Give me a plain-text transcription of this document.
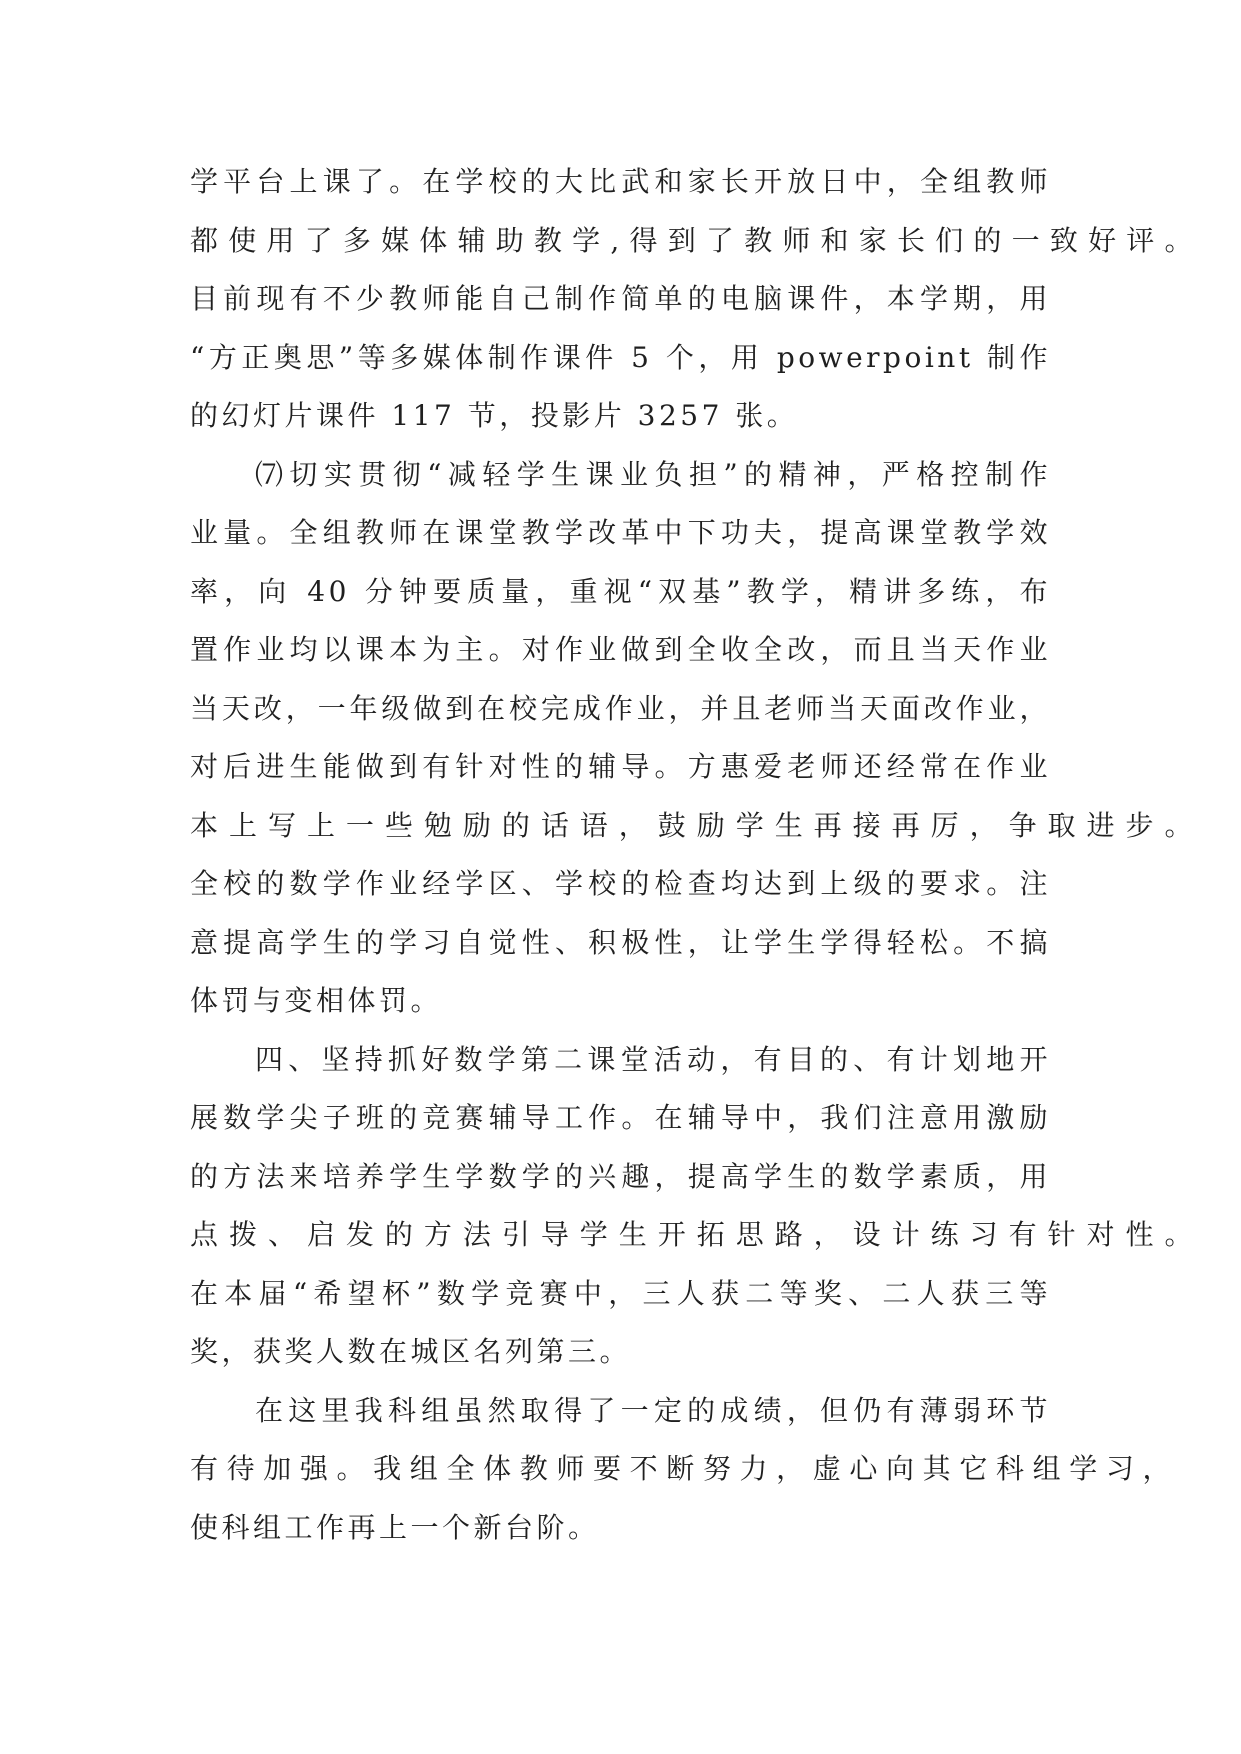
学平台上课了。在学校的大比武和家长开放日中，全组教师
都使用了多媒体辅助教学,得到了教师和家长们的一致好评。
目前现有不少教师能自己制作简单的电脑课件，本学期，用
“方正奥思”等多媒体制作课件 5 个，用 powerpoint 制作
的幻灯片课件 117 节，投影片 3257 张。
⑺切实贯彻“减轻学生课业负担”的精神，严格控制作
业量。全组教师在课堂教学改革中下功夫，提高课堂教学效
率，向 40 分钟要质量，重视“双基”教学，精讲多练，布
置作业均以课本为主。对作业做到全收全改，而且当天作业
当天改，一年级做到在校完成作业，并且老师当天面改作业，
对后进生能做到有针对性的辅导。方惠爱老师还经常在作业
本上写上一些勉励的话语，鼓励学生再接再厉，争取进步。
全校的数学作业经学区、学校的检查均达到上级的要求。注
意提高学生的学习自觉性、积极性，让学生学得轻松。不搞
体罚与变相体罚。
四、坚持抓好数学第二课堂活动，有目的、有计划地开
展数学尖子班的竞赛辅导工作。在辅导中，我们注意用激励
的方法来培养学生学数学的兴趣，提高学生的数学素质，用
点拨、启发的方法引导学生开拓思路，设计练习有针对性。
在本届“希望杯”数学竞赛中，三人获二等奖、二人获三等
奖，获奖人数在城区名列第三。
在这里我科组虽然取得了一定的成绩，但仍有薄弱环节
有待加强。我组全体教师要不断努力，虚心向其它科组学习，
使科组工作再上一个新台阶。
